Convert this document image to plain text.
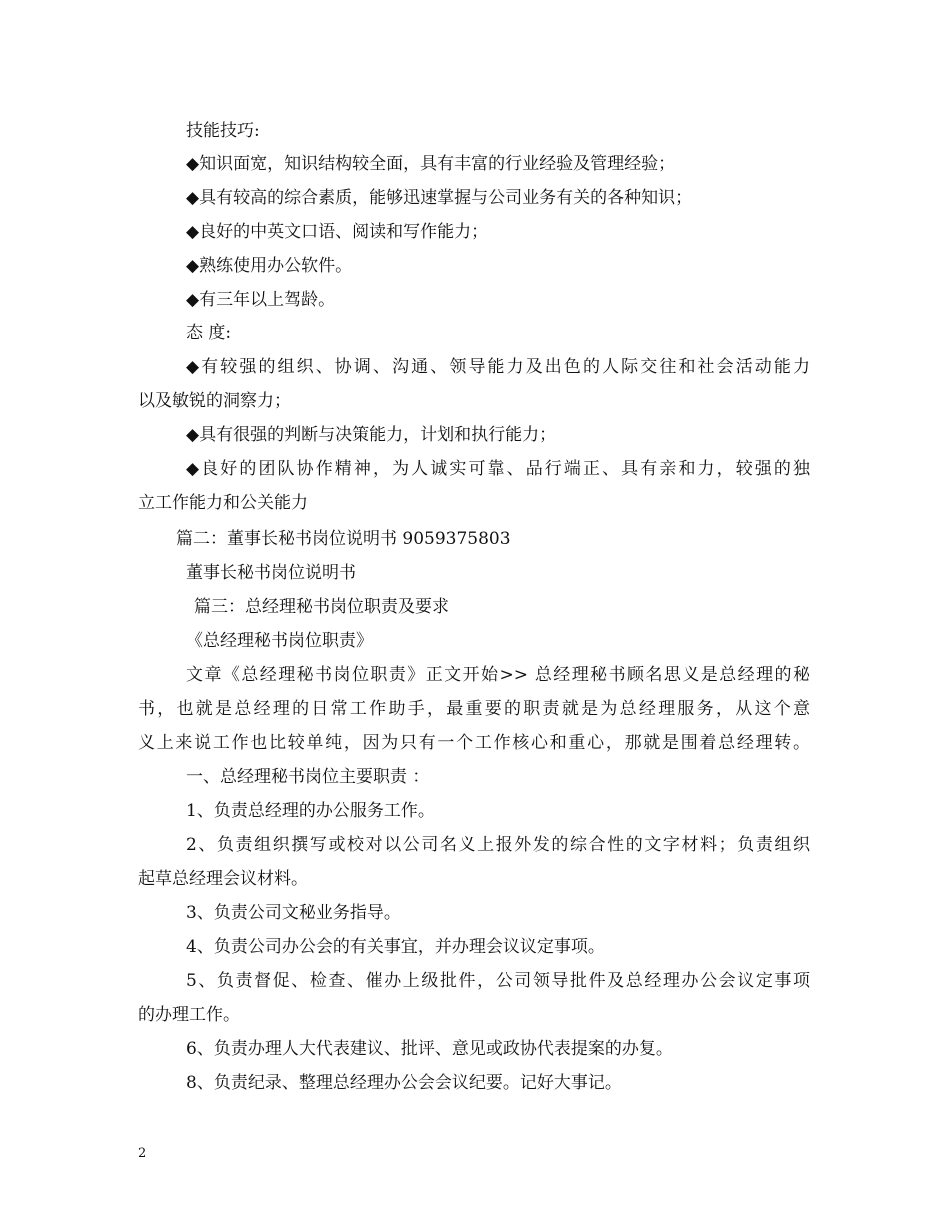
技能技巧:
◆知识面宽，知识结构较全面，具有丰富的行业经验及管理经验；
◆具有较高的综合素质，能够迅速掌握与公司业务有关的各种知识；
◆良好的中英文口语、阅读和写作能力；
◆熟练使用办公软件。
◆有三年以上驾龄。
态 度:
◆有较强的组织、协调、沟通、领导能力及出色的人际交往和社会活动能力
以及敏锐的洞察力；
◆具有很强的判断与决策能力，计划和执行能力；
◆良好的团队协作精神，为人诚实可靠、品行端正、具有亲和力，较强的独
立工作能力和公关能力
篇二：董事长秘书岗位说明书 9059375803
董事长秘书岗位说明书
篇三：总经理秘书岗位职责及要求
《总经理秘书岗位职责》
文章《总经理秘书岗位职责》正文开始>> 总经理秘书顾名思义是总经理的秘
书，也就是总经理的日常工作助手，最重要的职责就是为总经理服务，从这个意
义上来说工作也比较单纯，因为只有一个工作核心和重心，那就是围着总经理转。
一、总经理秘书岗位主要职责 ：
1、负责总经理的办公服务工作。
2、负责组织撰写或校对以公司名义上报外发的综合性的文字材料；负责组织
起草总经理会议材料。
3、负责公司文秘业务指导。
4、负责公司办公会的有关事宜，并办理会议议定事项。
5、负责督促、检查、催办上级批件，公司领导批件及总经理办公会议定事项
的办理工作。
6、负责办理人大代表建议、批评、意见或政协代表提案的办复。
8、负责纪录、整理总经理办公会会议纪要。记好大事记。
2
